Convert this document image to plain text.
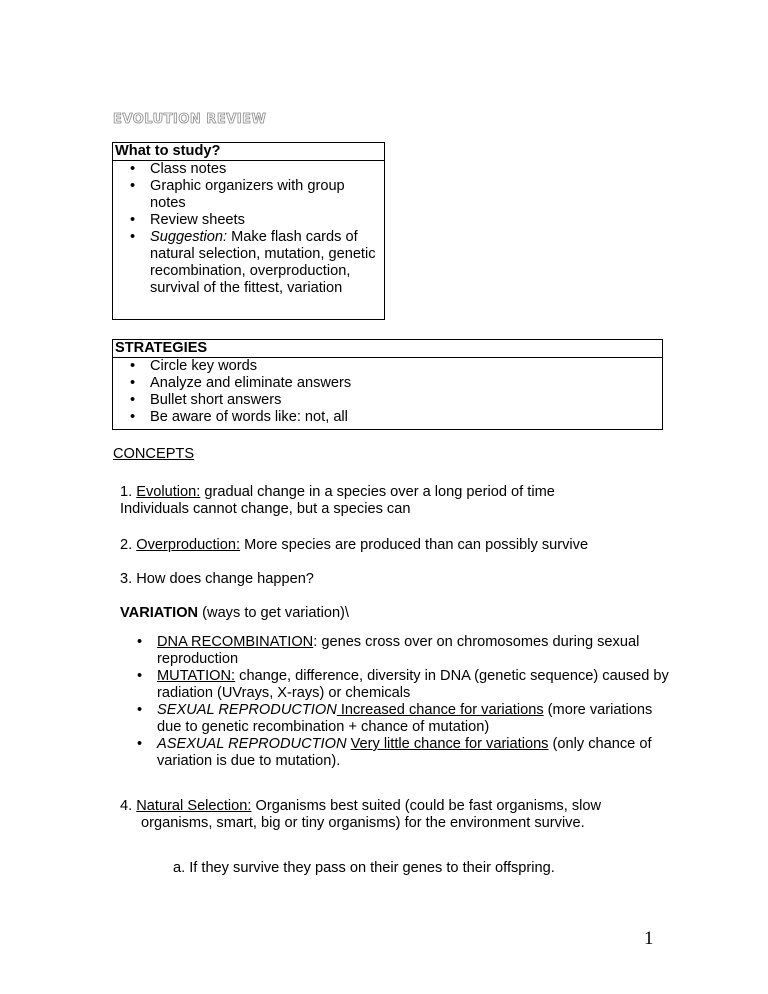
EVOLUTION REVIEW
What to study?
• Class notes
• Graphic organizers with group notes
• Review sheets
• Suggestion: Make flash cards of natural selection, mutation, genetic recombination, overproduction, survival of the fittest, variation
STRATEGIES
• Circle key words
• Analyze and eliminate answers
• Bullet short answers
• Be aware of words like: not, all
CONCEPTS
1. Evolution: gradual change in a species over a long period of time
Individuals cannot change, but a species can
2. Overproduction: More species are produced than can possibly survive
3. How does change happen?
VARIATION (ways to get variation)\
• DNA RECOMBINATION: genes cross over on chromosomes during sexual reproduction
• MUTATION: change, difference, diversity in DNA (genetic sequence) caused by radiation (UVrays, X-rays) or chemicals
• SEXUAL REPRODUCTION Increased chance for variations (more variations due to genetic recombination + chance of mutation)
• ASEXUAL REPRODUCTION Very little chance for variations (only chance of variation is due to mutation).
4. Natural Selection: Organisms best suited (could be fast organisms, slow organisms, smart, big or tiny organisms) for the environment survive.
a. If they survive they pass on their genes to their offspring.
1
